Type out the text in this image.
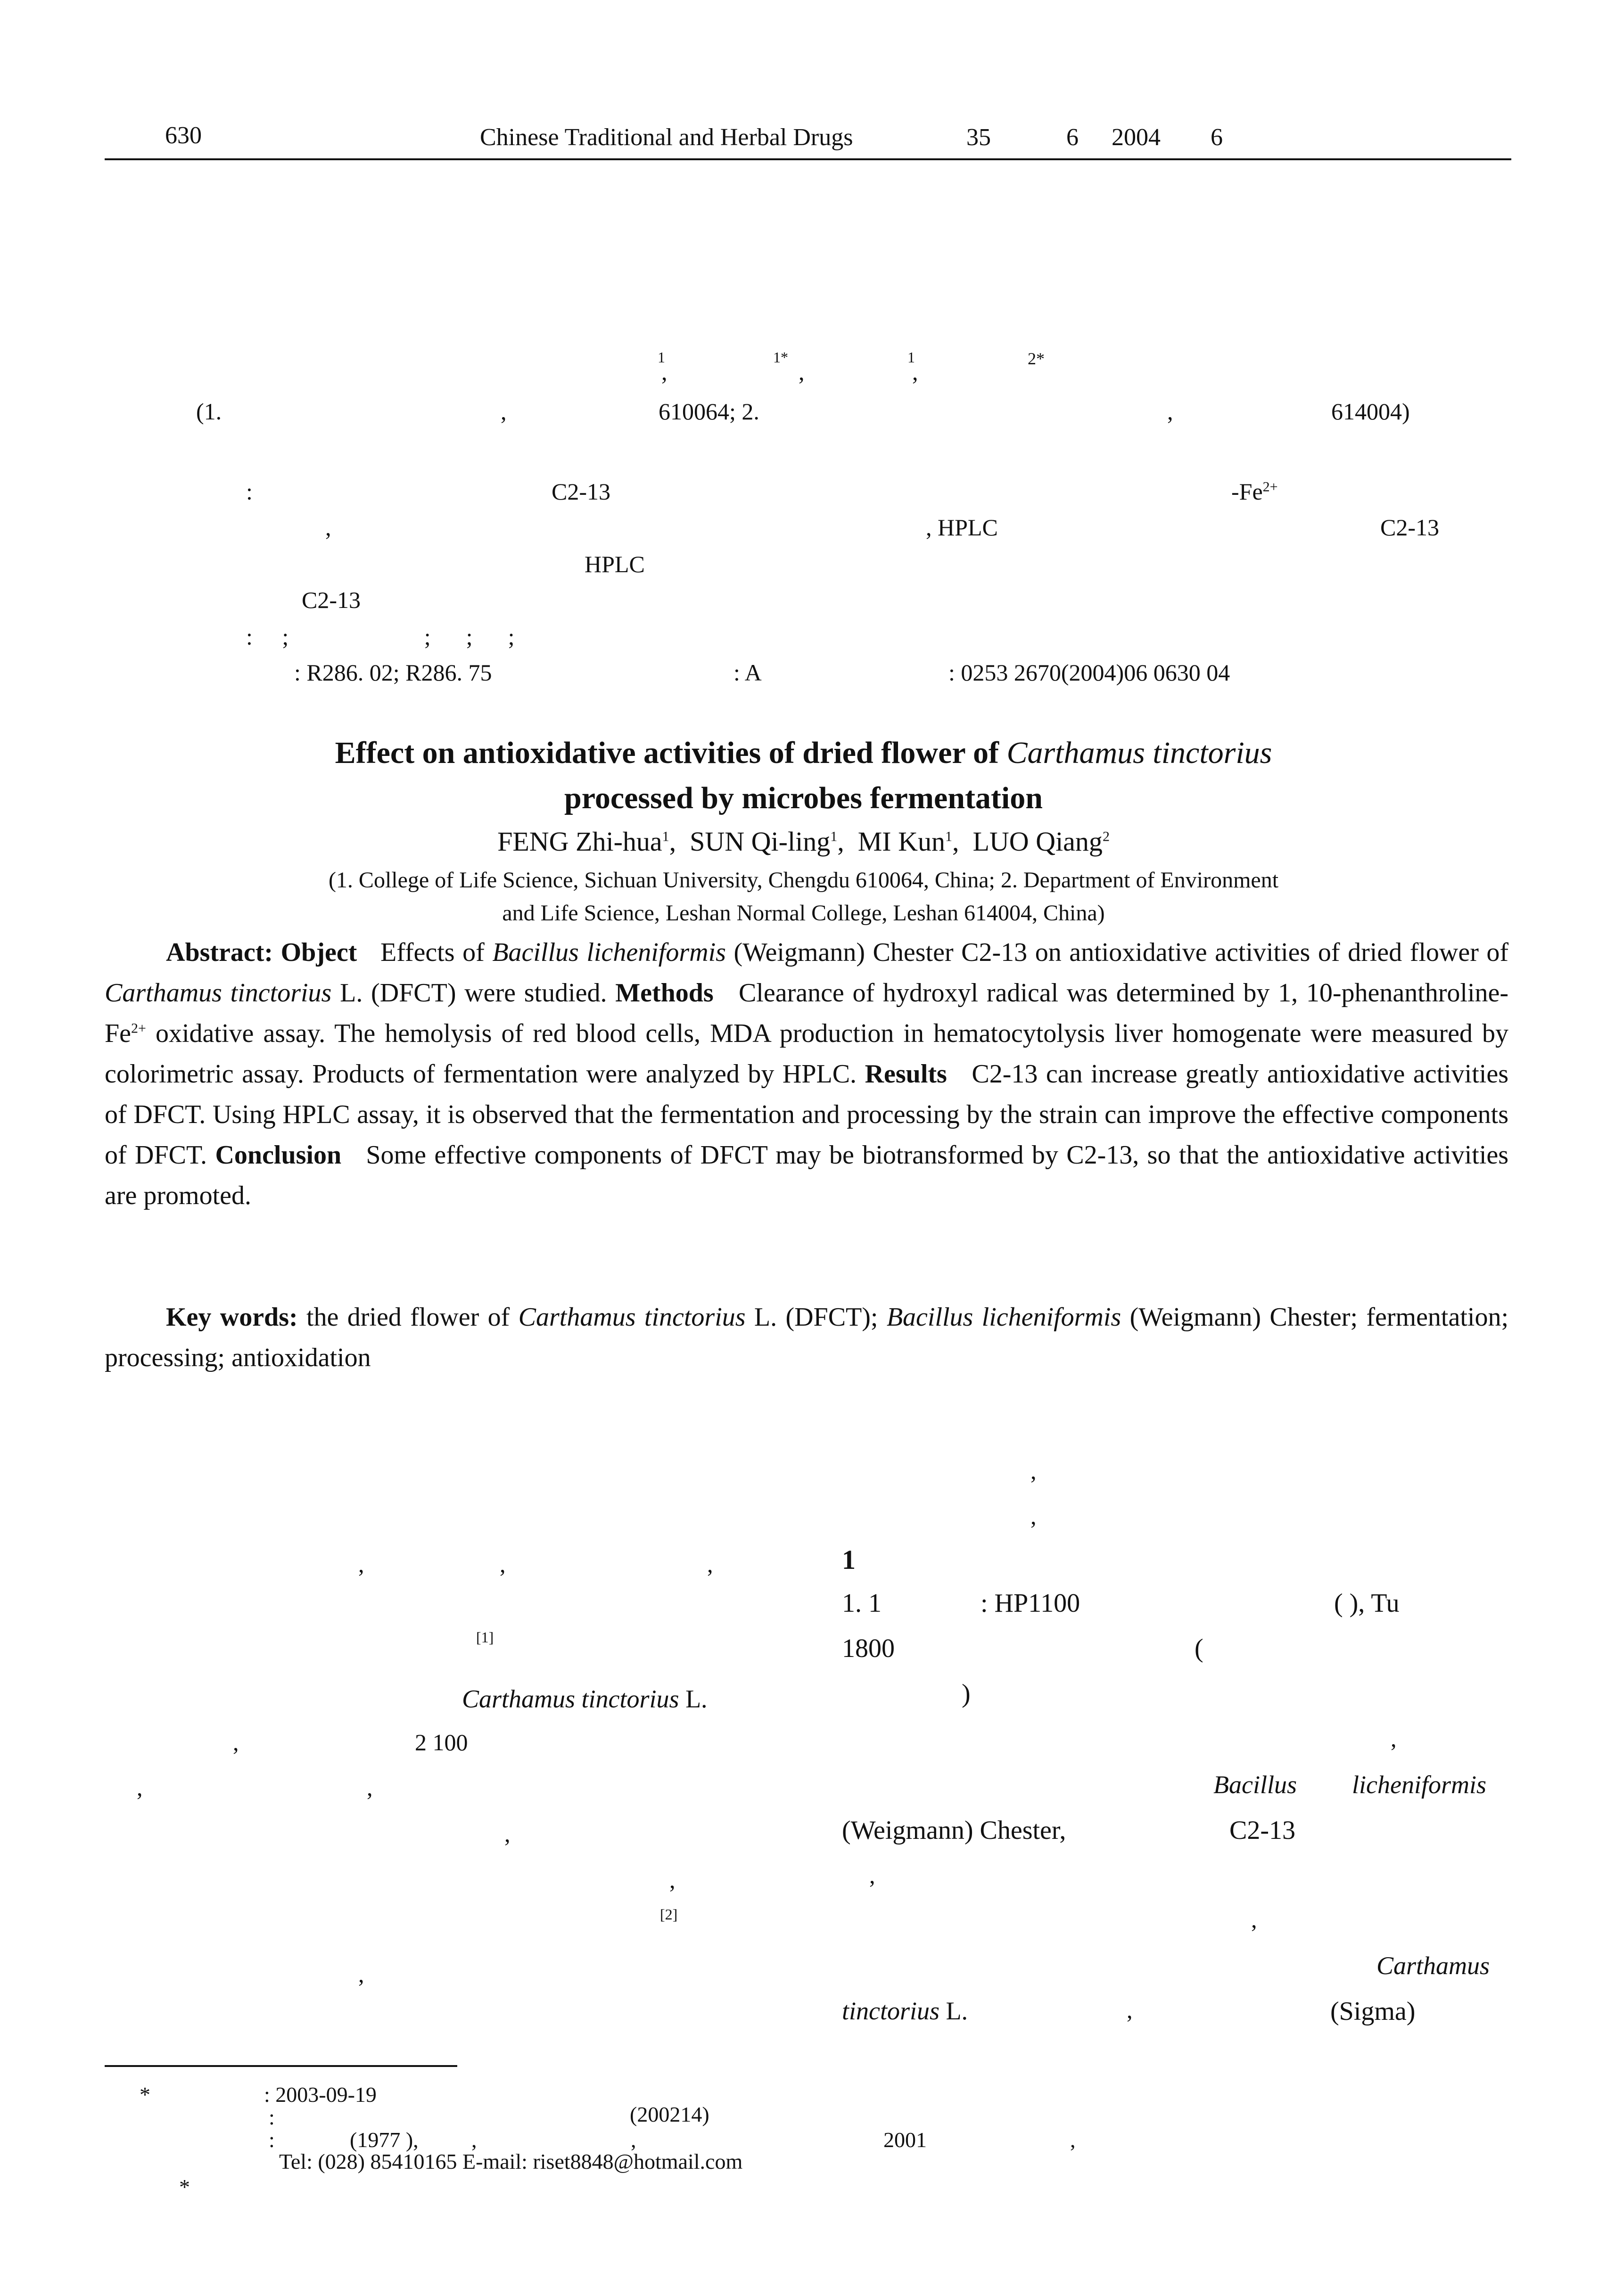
630	Chinese Traditional and Herbal Drugs	35	6 2004 6
1
,
1*
,
1
,	2*
(1.	,	610064; 2.	,	614004)
:	C2-13	$-Fe^{2+}$
,	, HPLC	C2-13
HPLC
C2-13
:     ;                       ;      ;      ;
: R286. 02; R286. 75	: A	: 0253 2670(2004)06 0630 04
Effect on antioxidative activities of dried flower of Carthamus tinctorius
processed by microbes fermentation
FENG Zhi-hua$^1$,  SUN Qi-ling$^1$,  MI Kun$^1$,  LUO Qiang$^2$
(1. College of Life Science, Sichuan University, Chengdu 610064, China; 2. Department of Environment
and Life Science, Leshan Normal College, Leshan 614004, China)
Abstract: Object Effects of Bacillus licheniformis (Weigmann) Chester C2-13 on antioxidative activities of dried flower of Carthamus tinctorius L. (DFCT) were studied. Methods Clearance of hydroxyl radical was determined by 1, $10-phenanthroline-Fe^{2+}$ oxidative assay. The hemolysis of red blood cells, MDA production in hematocytolysis liver homogenate were measured by colorimetric assay. Products of fermentation were analyzed by HPLC. Results C2-13 can increase greatly antioxidative activities of DFCT. Using HPLC assay, it is observed that the fermentation and processing by the strain can improve the effective components of DFCT. Conclusion Some effective components of DFCT may be biotransformed by C2-13, so that the antioxidative activities are promoted.
Key words: the dried flower of Carthamus tinctorius L. (DFCT); Bacillus licheniformis (Weigmann) Chester; fermentation; processing; antioxidation
,	,	,
[1]
Carthamus tinctorius L.
,	2 100
,	,
,
,
[2]
,
,
,
1
1. 1	: HP1100	( ), Tu
1800	(
)
,
Bacillus licheniformis
(Weigmann) Chester,	C2-13
,
,
Carthamus
tinctorius L.	,	(Sigma)
*	: 2003-09-19
:	(200214)
:	(1977 ), ,	,	2001	,
Tel: (028) 85410165 E-mail: riset8848@hotmail.com
*
